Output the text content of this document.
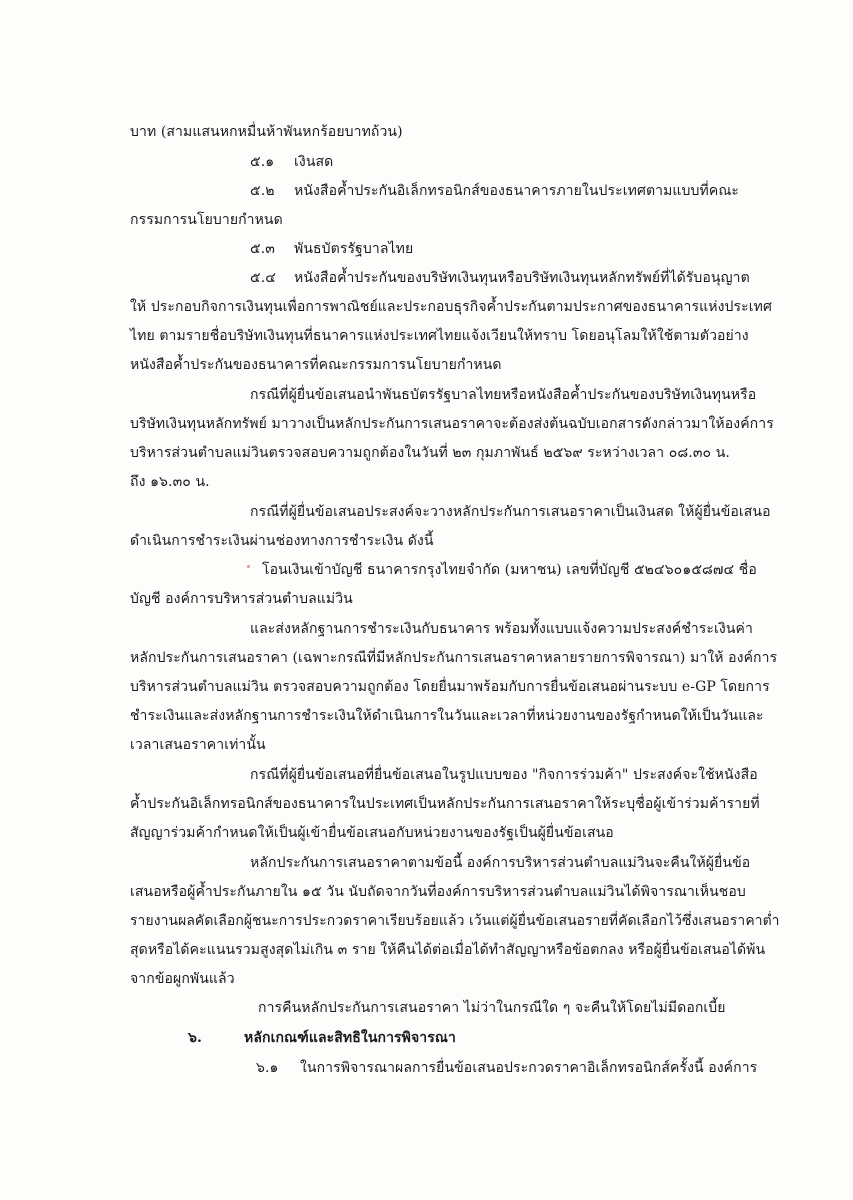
บาท (สามแสนหกหมื่นห้าพันหกร้อยบาทถ้วน)
๕.๑ เงินสด
๕.๒ หนังสือค้ำประกันอิเล็กทรอนิกส์ของธนาคารภายในประเทศตามแบบที่คณะ
กรรมการนโยบายกำหนด
๕.๓ พันธบัตรรัฐบาลไทย
๕.๔ หนังสือค้ำประกันของบริษัทเงินทุนหรือบริษัทเงินทุนหลักทรัพย์ที่ได้รับอนุญาต
ให้ ประกอบกิจการเงินทุนเพื่อการพาณิชย์และประกอบธุรกิจค้ำประกันตามประกาศของธนาคารแห่งประเทศ
ไทย ตามรายชื่อบริษัทเงินทุนที่ธนาคารแห่งประเทศไทยแจ้งเวียนให้ทราบ โดยอนุโลมให้ใช้ตามตัวอย่าง
หนังสือค้ำประกันของธนาคารที่คณะกรรมการนโยบายกำหนด
กรณีที่ผู้ยื่นข้อเสนอนำพันธบัตรรัฐบาลไทยหรือหนังสือค้ำประกันของบริษัทเงินทุนหรือ
บริษัทเงินทุนหลักทรัพย์ มาวางเป็นหลักประกันการเสนอราคาจะต้องส่งต้นฉบับเอกสารดังกล่าวมาให้องค์การ
บริหารส่วนตำบลแม่วินตรวจสอบความถูกต้องในวันที่ ๒๓ กุมภาพันธ์ ๒๕๖๙ ระหว่างเวลา ๐๘.๓๐ น.
ถึง ๑๖.๓๐ น.
กรณีที่ผู้ยื่นข้อเสนอประสงค์จะวางหลักประกันการเสนอราคาเป็นเงินสด ให้ผู้ยื่นข้อเสนอ
ดำเนินการชำระเงินผ่านช่องทางการชำระเงิน ดังนี้
โอนเงินเข้าบัญชี ธนาคารกรุงไทยจำกัด (มหาชน) เลขที่บัญชี ๕๒๔๖๐๑๕๘๗๔ ชื่อ
บัญชี องค์การบริหารส่วนตำบลแม่วิน
และส่งหลักฐานการชำระเงินกับธนาคาร พร้อมทั้งแบบแจ้งความประสงค์ชำระเงินค่า
หลักประกันการเสนอราคา (เฉพาะกรณีที่มีหลักประกันการเสนอราคาหลายรายการพิจารณา) มาให้ องค์การ
บริหารส่วนตำบลแม่วิน ตรวจสอบความถูกต้อง โดยยื่นมาพร้อมกับการยื่นข้อเสนอผ่านระบบ e-GP โดยการ
ชำระเงินและส่งหลักฐานการชำระเงินให้ดำเนินการในวันและเวลาที่หน่วยงานของรัฐกำหนดให้เป็นวันและ
เวลาเสนอราคาเท่านั้น
กรณีที่ผู้ยื่นข้อเสนอที่ยื่นข้อเสนอในรูปแบบของ "กิจการร่วมค้า" ประสงค์จะใช้หนังสือ
ค้ำประกันอิเล็กทรอนิกส์ของธนาคารในประเทศเป็นหลักประกันการเสนอราคาให้ระบุชื่อผู้เข้าร่วมค้ารายที่
สัญญาร่วมค้ากำหนดให้เป็นผู้เข้ายื่นข้อเสนอกับหน่วยงานของรัฐเป็นผู้ยื่นข้อเสนอ
หลักประกันการเสนอราคาตามข้อนี้ องค์การบริหารส่วนตำบลแม่วินจะคืนให้ผู้ยื่นข้อ
เสนอหรือผู้ค้ำประกันภายใน ๑๕ วัน นับถัดจากวันที่องค์การบริหารส่วนตำบลแม่วินได้พิจารณาเห็นชอบ
รายงานผลคัดเลือกผู้ชนะการประกวดราคาเรียบร้อยแล้ว เว้นแต่ผู้ยื่นข้อเสนอรายที่คัดเลือกไว้ซึ่งเสนอราคาต่ำ
สุดหรือได้คะแนนรวมสูงสุดไม่เกิน ๓ ราย ให้คืนได้ต่อเมื่อได้ทำสัญญาหรือข้อตกลง หรือผู้ยื่นข้อเสนอได้พ้น
จากข้อผูกพันแล้ว
การคืนหลักประกันการเสนอราคา ไม่ว่าในกรณีใด ๆ จะคืนให้โดยไม่มีดอกเบี้ย
๖.	หลักเกณฑ์และสิทธิในการพิจารณา
๖.๑ ในการพิจารณาผลการยื่นข้อเสนอประกวดราคาอิเล็กทรอนิกส์ครั้งนี้ องค์การ
